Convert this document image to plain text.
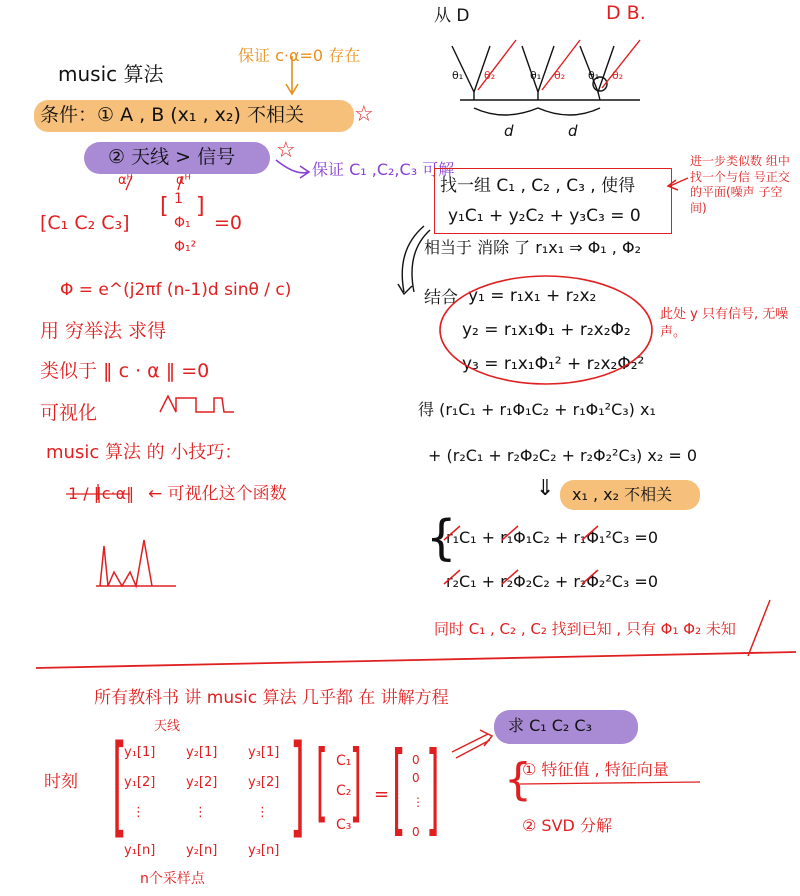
music 算法
保证 c·α=0 存在
条件：① A , B (x₁ , x₂) 不相关 ☆
② 天线 > 信号 ☆
保证 C₁ ,C₂,C₃ 可解
αᴴ	αᴴ
[C₁ C₂ C₃]
[ 1
Φ₁
Φ₁²
]
=0
Φ = e^(j2πf (n-1)d sinθ / c)
用 穷举法 求得
类似于 ‖ c · α ‖ =0
可视化
music 算法 的 小技巧：
1 / ‖c·α‖ ← 可视化这个函数
从 D	D B.
θ₁ θ₂	θ₁ θ₂ θ₁ θ₂
d	d
找一组 C₁ , C₂ , C₃ , 使得
y₁C₁ + y₂C₂ + y₃C₃ = 0
进一步类似数 组中找一个与信 号正交的平面(噪声 子空间)
相当于 消除 了 r₁x₁ ⇒ Φ₁ , Φ₂
结合 y₁ = r₁x₁ + r₂x₂
y₂ = r₁x₁Φ₁ + r₂x₂Φ₂
y₃ = r₁x₁Φ₁² + r₂x₂Φ₂²
此处 y 只有信号, 无噪声。
得 (r₁C₁ + r₁Φ₁C₂ + r₁Φ₁²C₃) x₁
+ (r₂C₁ + r₂Φ₂C₂ + r₂Φ₂²C₃) x₂ = 0
⇓ x₁ , x₂ 不相关
{
r₁C₁ + r₁Φ₁C₂ + r₁Φ₁²C₃ =0
r₂C₁ + r₂Φ₂C₂ + r₂Φ₂²C₃ =0
同时 C₁ , C₂ , C₂ 找到已知 , 只有 Φ₁ Φ₂ 未知
所有教科书 讲 music 算法 几乎都 在 讲解方程
天线
时刻 [ ]
y₁[1] y₂[1] y₃[1]
y₁[2] y₂[2] y₃[2]
⋮	⋮	⋮
y₁[n] y₂[n] y₃[n]
[ ]
C₁
C₂
C₃
= [ ]
0
0
⋮
0
求 C₁ C₂ C₃
{
① 特征值 , 特征向量
② SVD 分解
n个采样点
